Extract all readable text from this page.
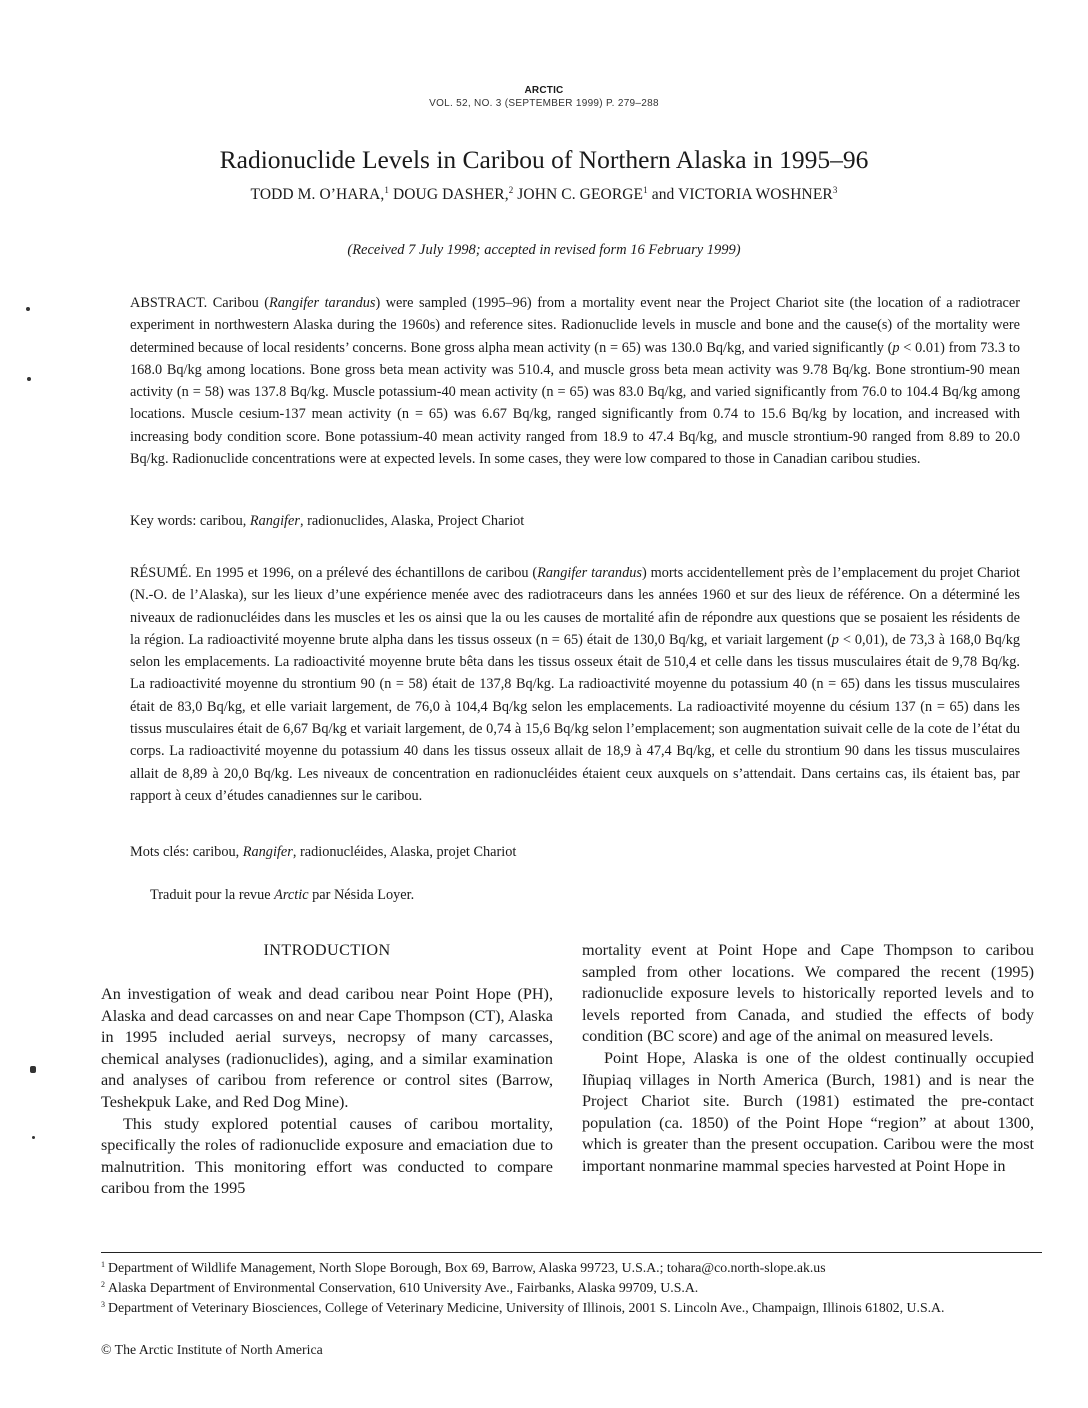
ARCTIC
VOL. 52, NO. 3 (SEPTEMBER 1999) P. 279–288
Radionuclide Levels in Caribou of Northern Alaska in 1995–96
TODD M. O’HARA,$^1$ DOUG DASHER,$^2$ JOHN C. GEORGE$^1$ and VICTORIA WOSHNER$^3$
(Received 7 July 1998; accepted in revised form 16 February 1999)
ABSTRACT. Caribou (Rangifer tarandus) were sampled (1995–96) from a mortality event near the Project Chariot site (the location of a radiotracer experiment in northwestern Alaska during the 1960s) and reference sites. Radionuclide levels in muscle and bone and the cause(s) of the mortality were determined because of local residents’ concerns. Bone gross alpha mean activity (n = 65) was 130.0 Bq/kg, and varied significantly (p < 0.01) from 73.3 to 168.0 Bq/kg among locations. Bone gross beta mean activity was 510.4, and muscle gross beta mean activity was 9.78 Bq/kg. Bone strontium-90 mean activity (n = 58) was 137.8 Bq/kg. Muscle potassium-40 mean activity (n = 65) was 83.0 Bq/kg, and varied significantly from 76.0 to 104.4 Bq/kg among locations. Muscle cesium-137 mean activity (n = 65) was 6.67 Bq/kg, ranged significantly from 0.74 to 15.6 Bq/kg by location, and increased with increasing body condition score. Bone potassium-40 mean activity ranged from 18.9 to 47.4 Bq/kg, and muscle strontium-90 ranged from 8.89 to 20.0 Bq/kg. Radionuclide concentrations were at expected levels. In some cases, they were low compared to those in Canadian caribou studies.
Key words: caribou, Rangifer, radionuclides, Alaska, Project Chariot
RÉSUMÉ. En 1995 et 1996, on a prélevé des échantillons de caribou (Rangifer tarandus) morts accidentellement près de l’emplacement du projet Chariot (N.-O. de l’Alaska), sur les lieux d’une expérience menée avec des radiotraceurs dans les années 1960 et sur des lieux de référence. On a déterminé les niveaux de radionucléides dans les muscles et les os ainsi que la ou les causes de mortalité afin de répondre aux questions que se posaient les résidents de la région. La radioactivité moyenne brute alpha dans les tissus osseux (n = 65) était de 130,0 Bq/kg, et variait largement (p < 0,01), de 73,3 à 168,0 Bq/kg selon les emplacements. La radioactivité moyenne brute bêta dans les tissus osseux était de 510,4 et celle dans les tissus musculaires était de 9,78 Bq/kg. La radioactivité moyenne du strontium 90 (n = 58) était de 137,8 Bq/kg. La radioactivité moyenne du potassium 40 (n = 65) dans les tissus musculaires était de 83,0 Bq/kg, et elle variait largement, de 76,0 à 104,4 Bq/kg selon les emplacements. La radioactivité moyenne du césium 137 (n = 65) dans les tissus musculaires était de 6,67 Bq/kg et variait largement, de 0,74 à 15,6 Bq/kg selon l’emplacement; son augmentation suivait celle de la cote de l’état du corps. La radioactivité moyenne du potassium 40 dans les tissus osseux allait de 18,9 à 47,4 Bq/kg, et celle du strontium 90 dans les tissus musculaires allait de 8,89 à 20,0 Bq/kg. Les niveaux de concentration en radionucléides étaient ceux auxquels on s’attendait. Dans certains cas, ils étaient bas, par rapport à ceux d’études canadiennes sur le caribou.
Mots clés: caribou, Rangifer, radionucléides, Alaska, projet Chariot
Traduit pour la revue Arctic par Nésida Loyer.
INTRODUCTION

An investigation of weak and dead caribou near Point Hope (PH), Alaska and dead carcasses on and near Cape Thompson (CT), Alaska in 1995 included aerial surveys, necropsy of many carcasses, chemical analyses (radionuclides), aging, and a similar examination and analyses of caribou from reference or control sites (Barrow, Teshekpuk Lake, and Red Dog Mine).

This study explored potential causes of caribou mortality, specifically the roles of radionuclide exposure and emaciation due to malnutrition. This monitoring effort was conducted to compare caribou from the 1995

mortality event at Point Hope and Cape Thompson to caribou sampled from other locations. We compared the recent (1995) radionuclide exposure levels to historically reported levels and to levels reported from Canada, and studied the effects of body condition (BC score) and age of the animal on measured levels.

Point Hope, Alaska is one of the oldest continually occupied Iñupiaq villages in North America (Burch, 1981) and is near the Project Chariot site. Burch (1981) estimated the pre-contact population (ca. 1850) of the Point Hope “region” at about 1300, which is greater than the present occupation. Caribou were the most important nonmarine mammal species harvested at Point Hope in

$^1$ Department of Wildlife Management, North Slope Borough, Box 69, Barrow, Alaska 99723, U.S.A.; tohara@co.north-slope.ak.us
$^2$ Alaska Department of Environmental Conservation, 610 University Ave., Fairbanks, Alaska 99709, U.S.A.
$^3$ Department of Veterinary Biosciences, College of Veterinary Medicine, University of Illinois, 2001 S. Lincoln Ave., Champaign, Illinois 61802, U.S.A.
© The Arctic Institute of North America
